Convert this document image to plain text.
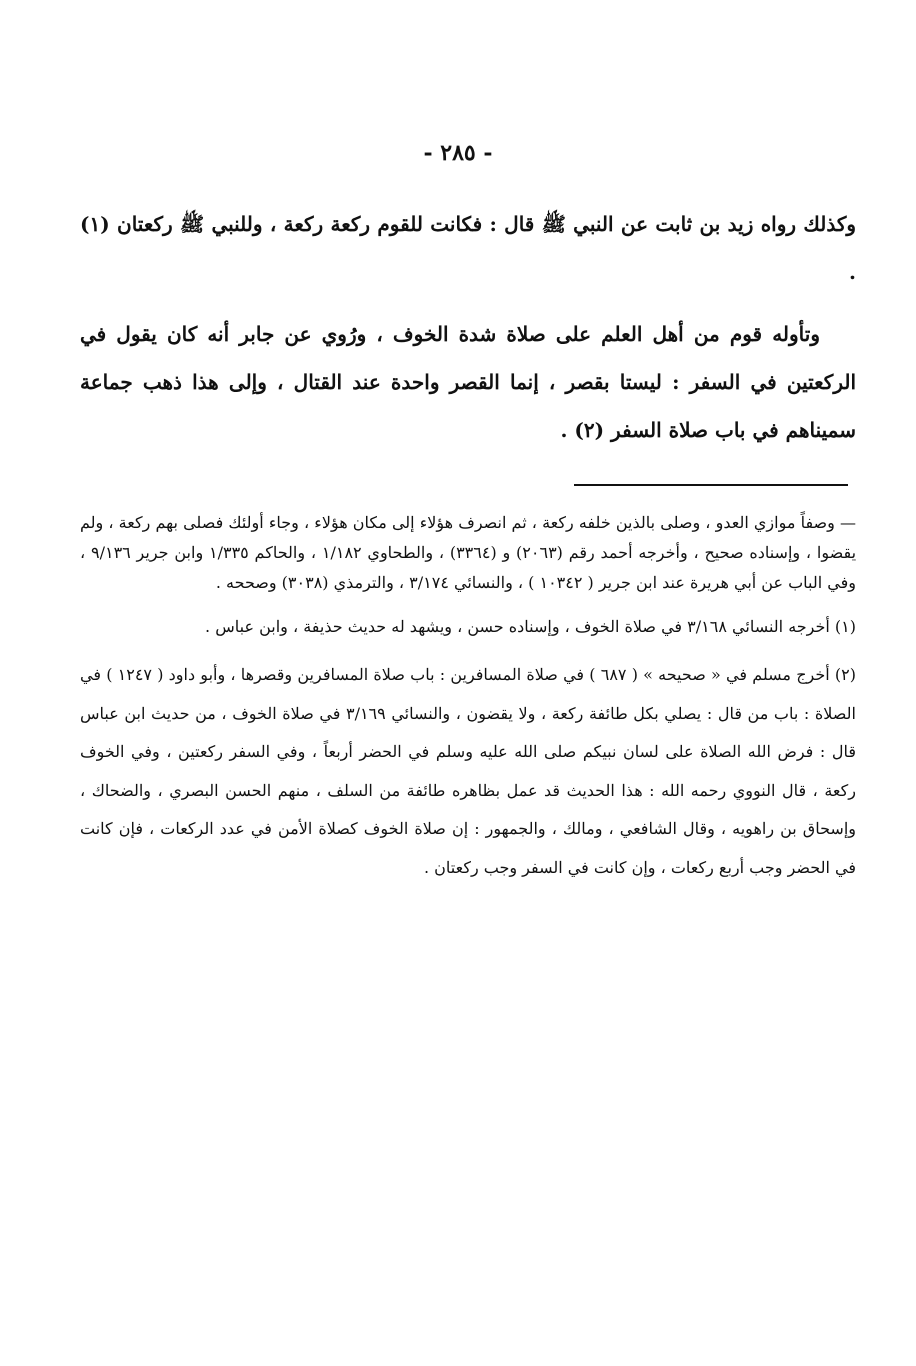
- ٢٨٥ -

وكذلك رواه زيد بن ثابت عن النبي ﷺ قال : فكانت للقوم ركعة ركعة ، وللنبي ﷺ ركعتان (١) .

وتأوله قوم من أهل العلم على صلاة شدة الخوف ، ورُوي عن جابر أنه كان يقول في الركعتين في السفر : ليستا بقصر ، إنما القصر واحدة عند القتال ، وإلى هذا ذهب جماعة سميناهم في باب صلاة السفر (٢) .

— وصفاً موازي العدو ، وصلى بالذين خلفه ركعة ، ثم انصرف هؤلاء إلى مكان هؤلاء ، وجاء أولئك فصلى بهم ركعة ، ولم يقضوا ، وإسناده صحيح ، وأخرجه أحمد رقم (٢٠٦٣) و (٣٣٦٤) ، والطحاوي ١/١٨٢ ، والحاكم ١/٣٣٥ وابن جرير ٩/١٣٦ ، وفي الباب عن أبي هريرة عند ابن جرير ( ١٠٣٤٢ ) ، والنسائي ٣/١٧٤ ، والترمذي (٣٠٣٨) وصححه .

(١) أخرجه النسائي ٣/١٦٨ في صلاة الخوف ، وإسناده حسن ، ويشهد له حديث حذيفة ، وابن عباس .

(٢) أخرج مسلم في « صحيحه » ( ٦٨٧ ) في صلاة المسافرين : باب صلاة المسافرين وقصرها ، وأبو داود ( ١٢٤٧ ) في الصلاة : باب من قال : يصلي بكل طائفة ركعة ، ولا يقضون ، والنسائي ٣/١٦٩ في صلاة الخوف ، من حديث ابن عباس قال : فرض الله الصلاة على لسان نبيكم صلى الله عليه وسلم في الحضر أربعاً ، وفي السفر ركعتين ، وفي الخوف ركعة ، قال النووي رحمه الله : هذا الحديث قد عمل بظاهره طائفة من السلف ، منهم الحسن البصري ، والضحاك ، وإسحاق بن راهويه ، وقال الشافعي ، ومالك ، والجمهور : إن صلاة الخوف كصلاة الأمن في عدد الركعات ، فإن كانت في الحضر وجب أربع ركعات ، وإن كانت في السفر وجب ركعتان .
